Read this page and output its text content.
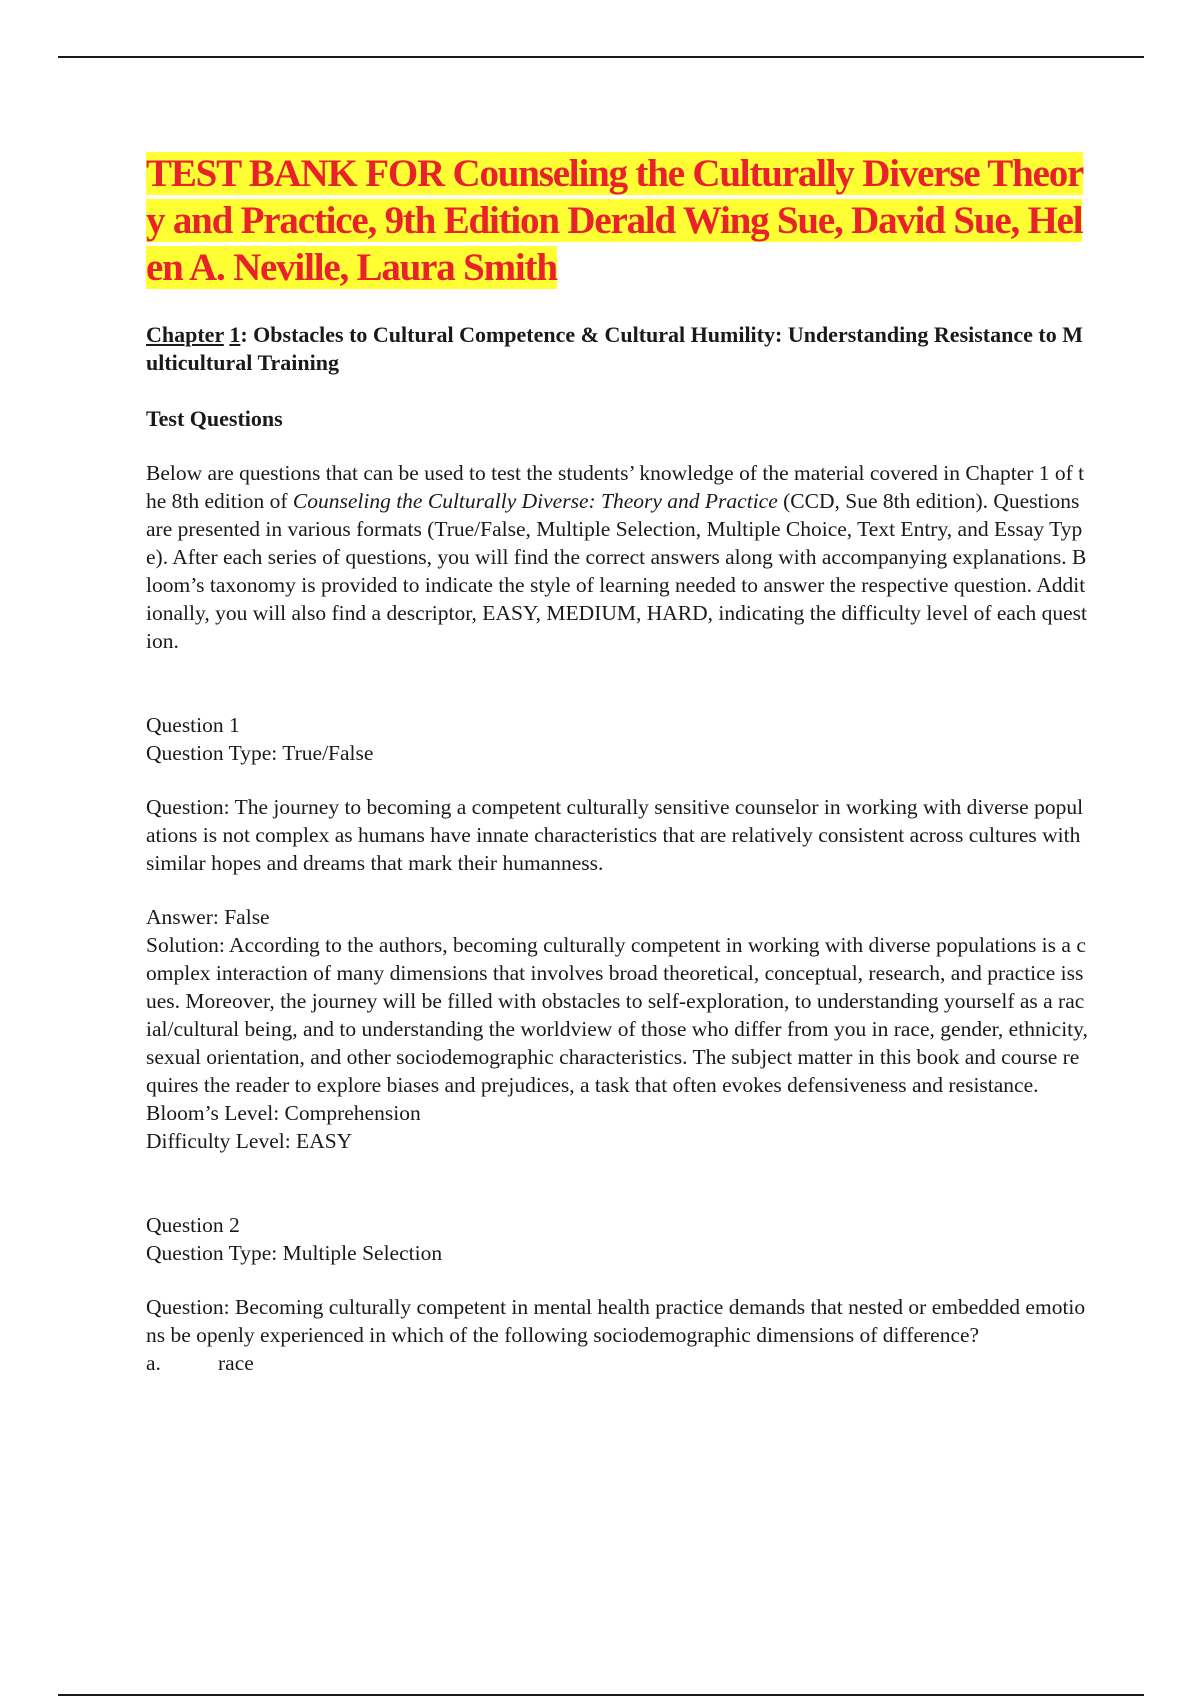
TEST BANK FOR Counseling the Culturally Diverse Theory and Practice, 9th Edition Derald Wing Sue, David Sue, Helen A. Neville, Laura Smith
Chapter 1: Obstacles to Cultural Competence & Cultural Humility: Understanding Resistance to Multicultural Training
Test Questions

Below are questions that can be used to test the students’ knowledge of the material covered in Chapter 1 of the 8th edition of Counseling the Culturally Diverse: Theory and Practice (CCD, Sue 8th edition). Questions are presented in various formats (True/False, Multiple Selection, Multiple Choice, Text Entry, and Essay Type). After each series of questions, you will find the correct answers along with accompanying explanations. Bloom’s taxonomy is provided to indicate the style of learning needed to answer the respective question. Additionally, you will also find a descriptor, EASY, MEDIUM, HARD, indicating the difficulty level of each question.

Question 1

Question Type: True/False

Question: The journey to becoming a competent culturally sensitive counselor in working with diverse populations is not complex as humans have innate characteristics that are relatively consistent across cultures with similar hopes and dreams that mark their humanness.

Answer: False

Solution: According to the authors, becoming culturally competent in working with diverse populations is a complex interaction of many dimensions that involves broad theoretical, conceptual, research, and practice issues. Moreover, the journey will be filled with obstacles to self-exploration, to understanding yourself as a racial/cultural being, and to understanding the worldview of those who differ from you in race, gender, ethnicity, sexual orientation, and other sociodemographic characteristics. The subject matter in this book and course requires the reader to explore biases and prejudices, a task that often evokes defensiveness and resistance.

Bloom’s Level: Comprehension

Difficulty Level: EASY

Question 2

Question Type: Multiple Selection

Question: Becoming culturally competent in mental health practice demands that nested or embedded emotions be openly experienced in which of the following sociodemographic dimensions of difference?

a.	race
